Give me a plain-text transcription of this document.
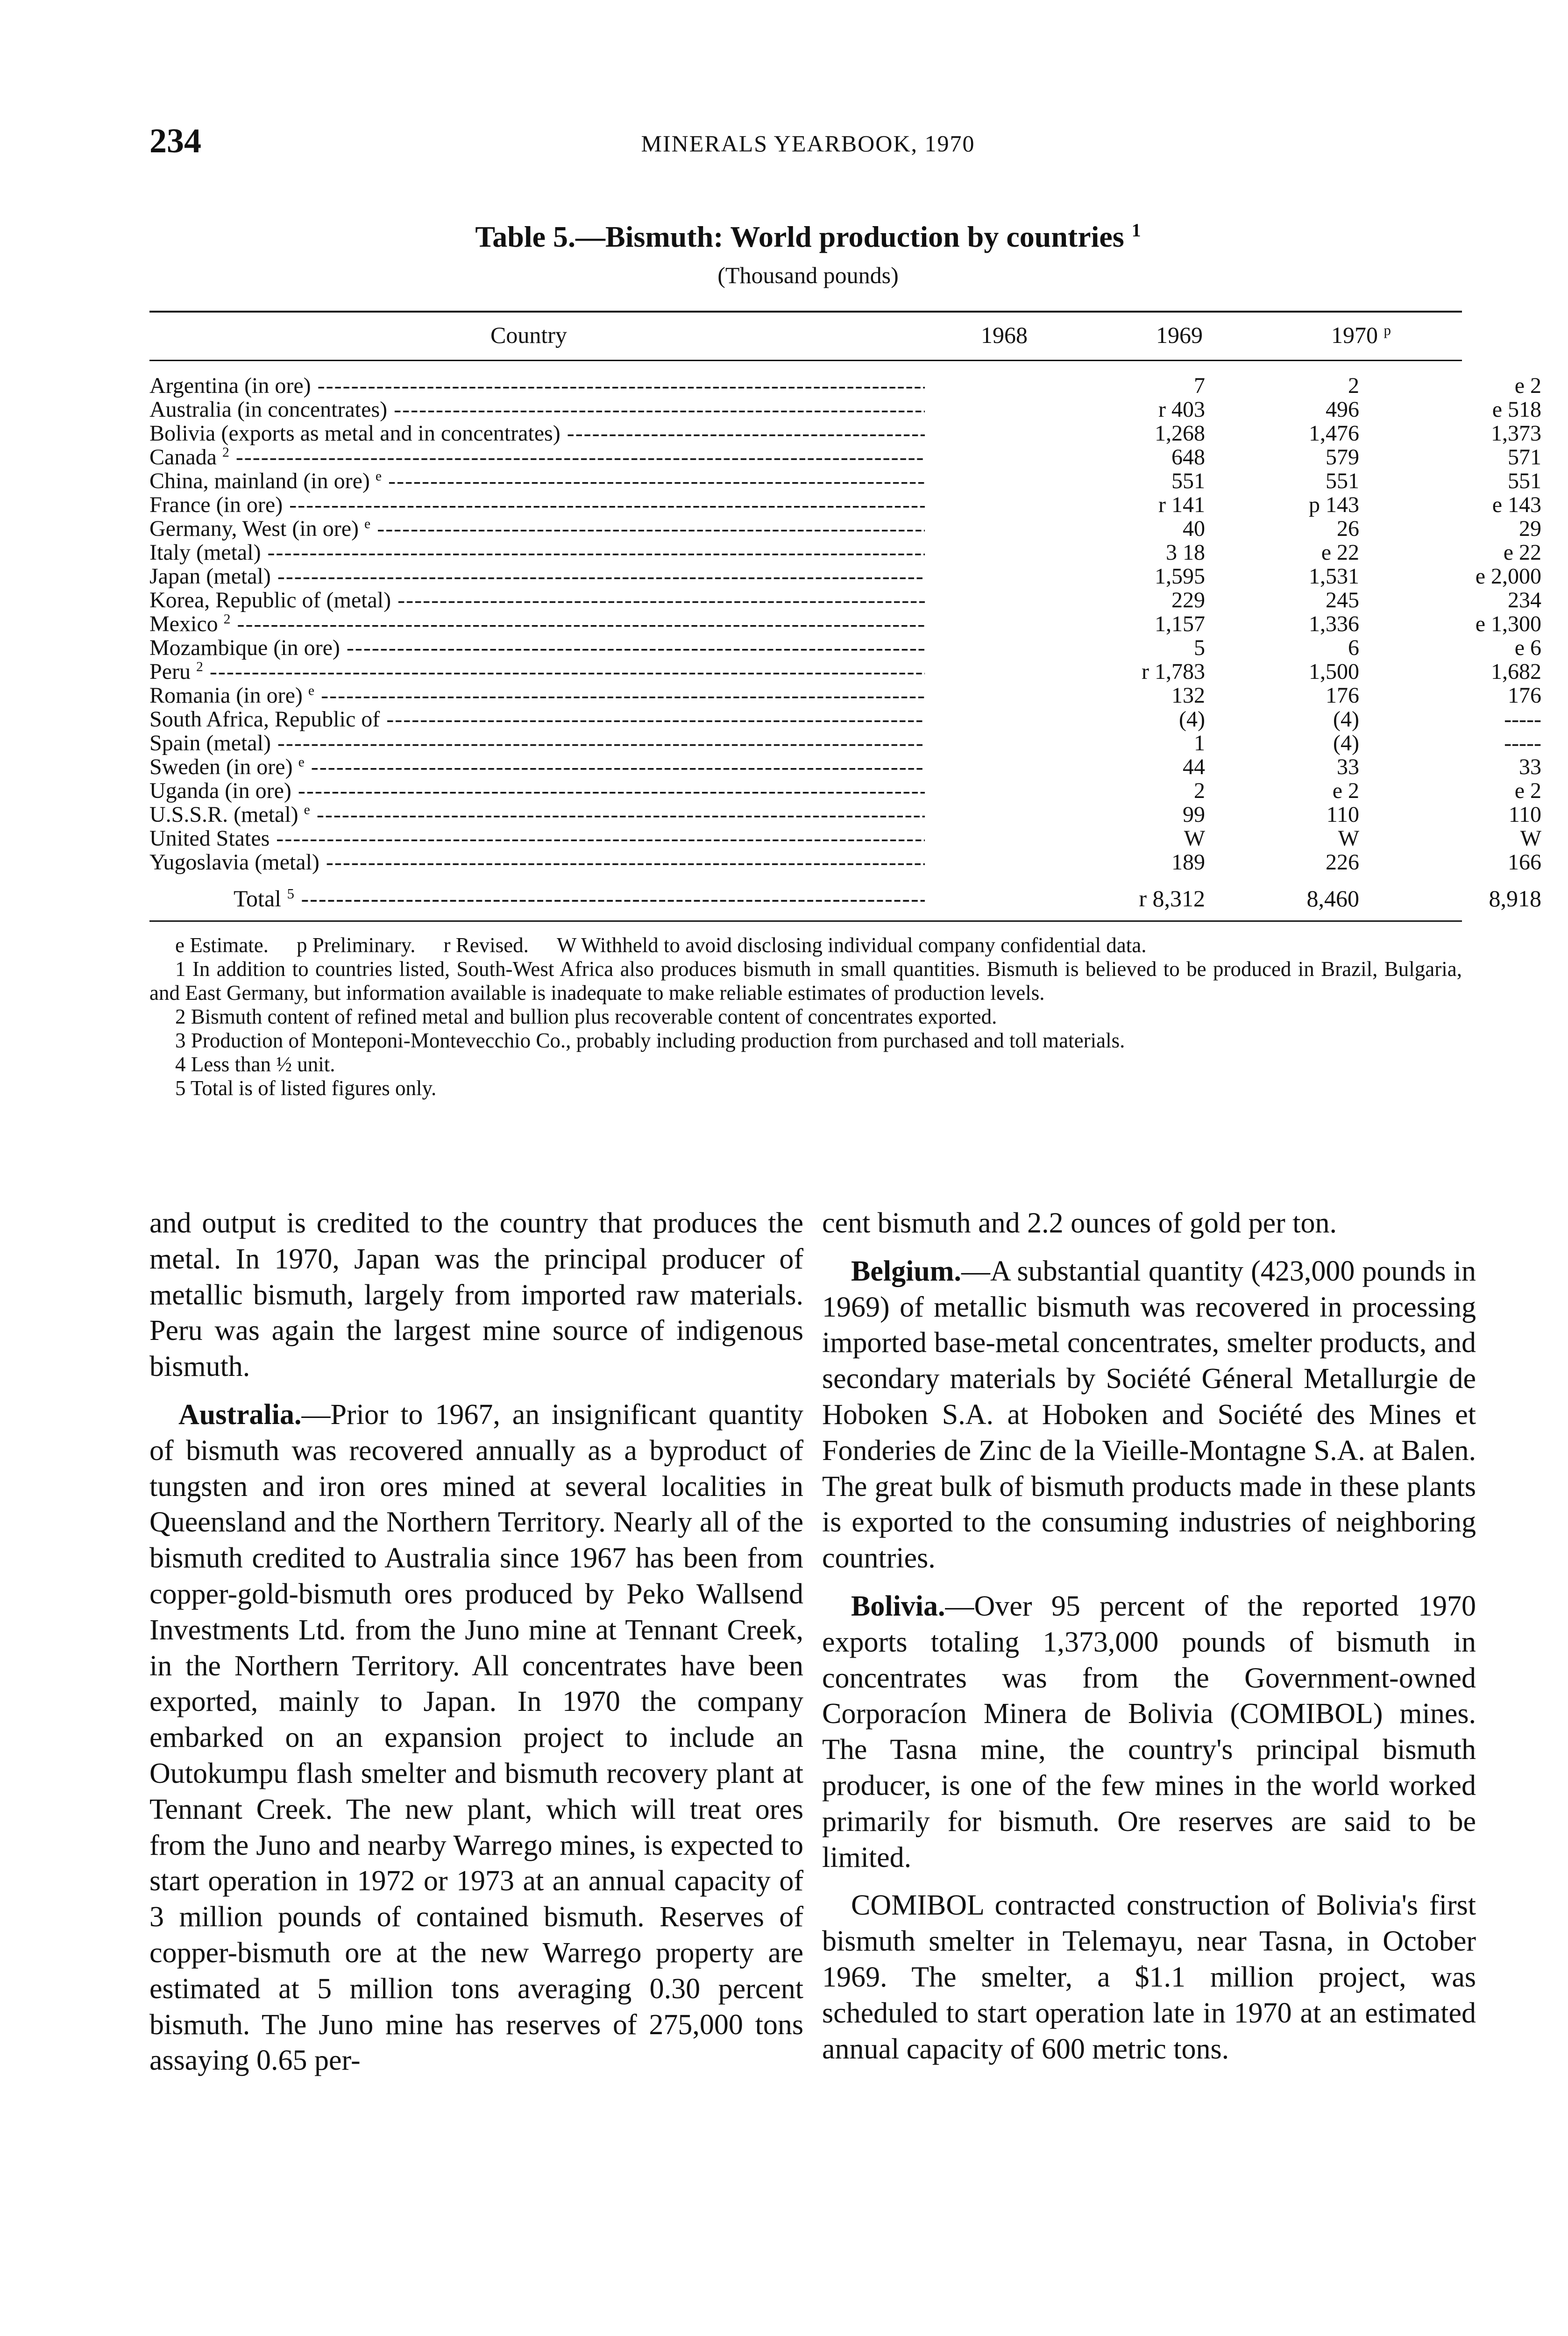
234	MINERALS YEARBOOK, 1970
Table 5.—Bismuth: World production by countries $^1$
(Thousand pounds)
Country	1968	1969	1970 $^p$
Argentina (in ore) -----	7	2	e 2
Australia (in concentrates) -----	r 403	496	e 518
Bolivia (exports as metal and in concentrates) -----	1,268	1,476	1,373
Canada $^2$ -----	648	579	571
China, mainland (in ore) $^e$ -----	551	551	551
France (in ore) -----	r 141	p 143	e 143
Germany, West (in ore) $^e$ -----	40	26	29
Italy (metal) -----	3 18	e 22	e 22
Japan (metal) -----	1,595	1,531	e 2,000
Korea, Republic of (metal) -----	229	245	234
Mexico $^2$ -----	1,157	1,336	e 1,300
Mozambique (in ore) -----	5	6	e 6
Peru $^2$ -----	r 1,783	1,500	1,682
Romania (in ore) $^e$ -----	132	176	176
South Africa, Republic of -----	(4)	(4)	-----
Spain (metal) -----	1	(4)	-----
Sweden (in ore) $^e$ -----	44	33	33
Uganda (in ore) -----	2	e 2	e 2
U.S.S.R. (metal) $^e$ -----	99	110	110
United States -----	W	W	W
Yugoslavia (metal) -----	189	226	166
Total $^5$ -----	r 8,312	8,460	8,918

e Estimate. p Preliminary. r Revised. W Withheld to avoid disclosing individual company confidential data.

1 In addition to countries listed, South-West Africa also produces bismuth in small quantities. Bismuth is believed to be produced in Brazil, Bulgaria, and East Germany, but information available is inadequate to make reliable estimates of production levels.

2 Bismuth content of refined metal and bullion plus recoverable content of concentrates exported.

3 Production of Monteponi-Montevecchio Co., probably including production from purchased and toll materials.

4 Less than ½ unit.

5 Total is of listed figures only.

and output is credited to the country that produces the metal. In 1970, Japan was the principal producer of metallic bismuth, largely from imported raw materials. Peru was again the largest mine source of indigenous bismuth.

Australia.—Prior to 1967, an insignificant quantity of bismuth was recovered annually as a byproduct of tungsten and iron ores mined at several localities in Queensland and the Northern Territory. Nearly all of the bismuth credited to Australia since 1967 has been from copper-gold-bismuth ores produced by Peko Wallsend Investments Ltd. from the Juno mine at Tennant Creek, in the Northern Territory. All concentrates have been exported, mainly to Japan. In 1970 the company embarked on an expansion project to include an Outokumpu flash smelter and bismuth recovery plant at Tennant Creek. The new plant, which will treat ores from the Juno and nearby Warrego mines, is expected to start operation in 1972 or 1973 at an annual capacity of 3 million pounds of contained bismuth. Reserves of copper-bismuth ore at the new Warrego property are estimated at 5 million tons averaging 0.30 percent bismuth. The Juno mine has reserves of 275,000 tons assaying 0.65 per-

cent bismuth and 2.2 ounces of gold per ton.

Belgium.—A substantial quantity (423,000 pounds in 1969) of metallic bismuth was recovered in processing imported base-metal concentrates, smelter products, and secondary materials by Société Géneral Metallurgie de Hoboken S.A. at Hoboken and Société des Mines et Fonderies de Zinc de la Vieille-Montagne S.A. at Balen. The great bulk of bismuth products made in these plants is exported to the consuming industries of neighboring countries.

Bolivia.—Over 95 percent of the reported 1970 exports totaling 1,373,000 pounds of bismuth in concentrates was from the Government-owned Corporacíon Minera de Bolivia (COMIBOL) mines. The Tasna mine, the country's principal bismuth producer, is one of the few mines in the world worked primarily for bismuth. Ore reserves are said to be limited.

COMIBOL contracted construction of Bolivia's first bismuth smelter in Telemayu, near Tasna, in October 1969. The smelter, a $1.1 million project, was scheduled to start operation late in 1970 at an estimated annual capacity of 600 metric tons.
